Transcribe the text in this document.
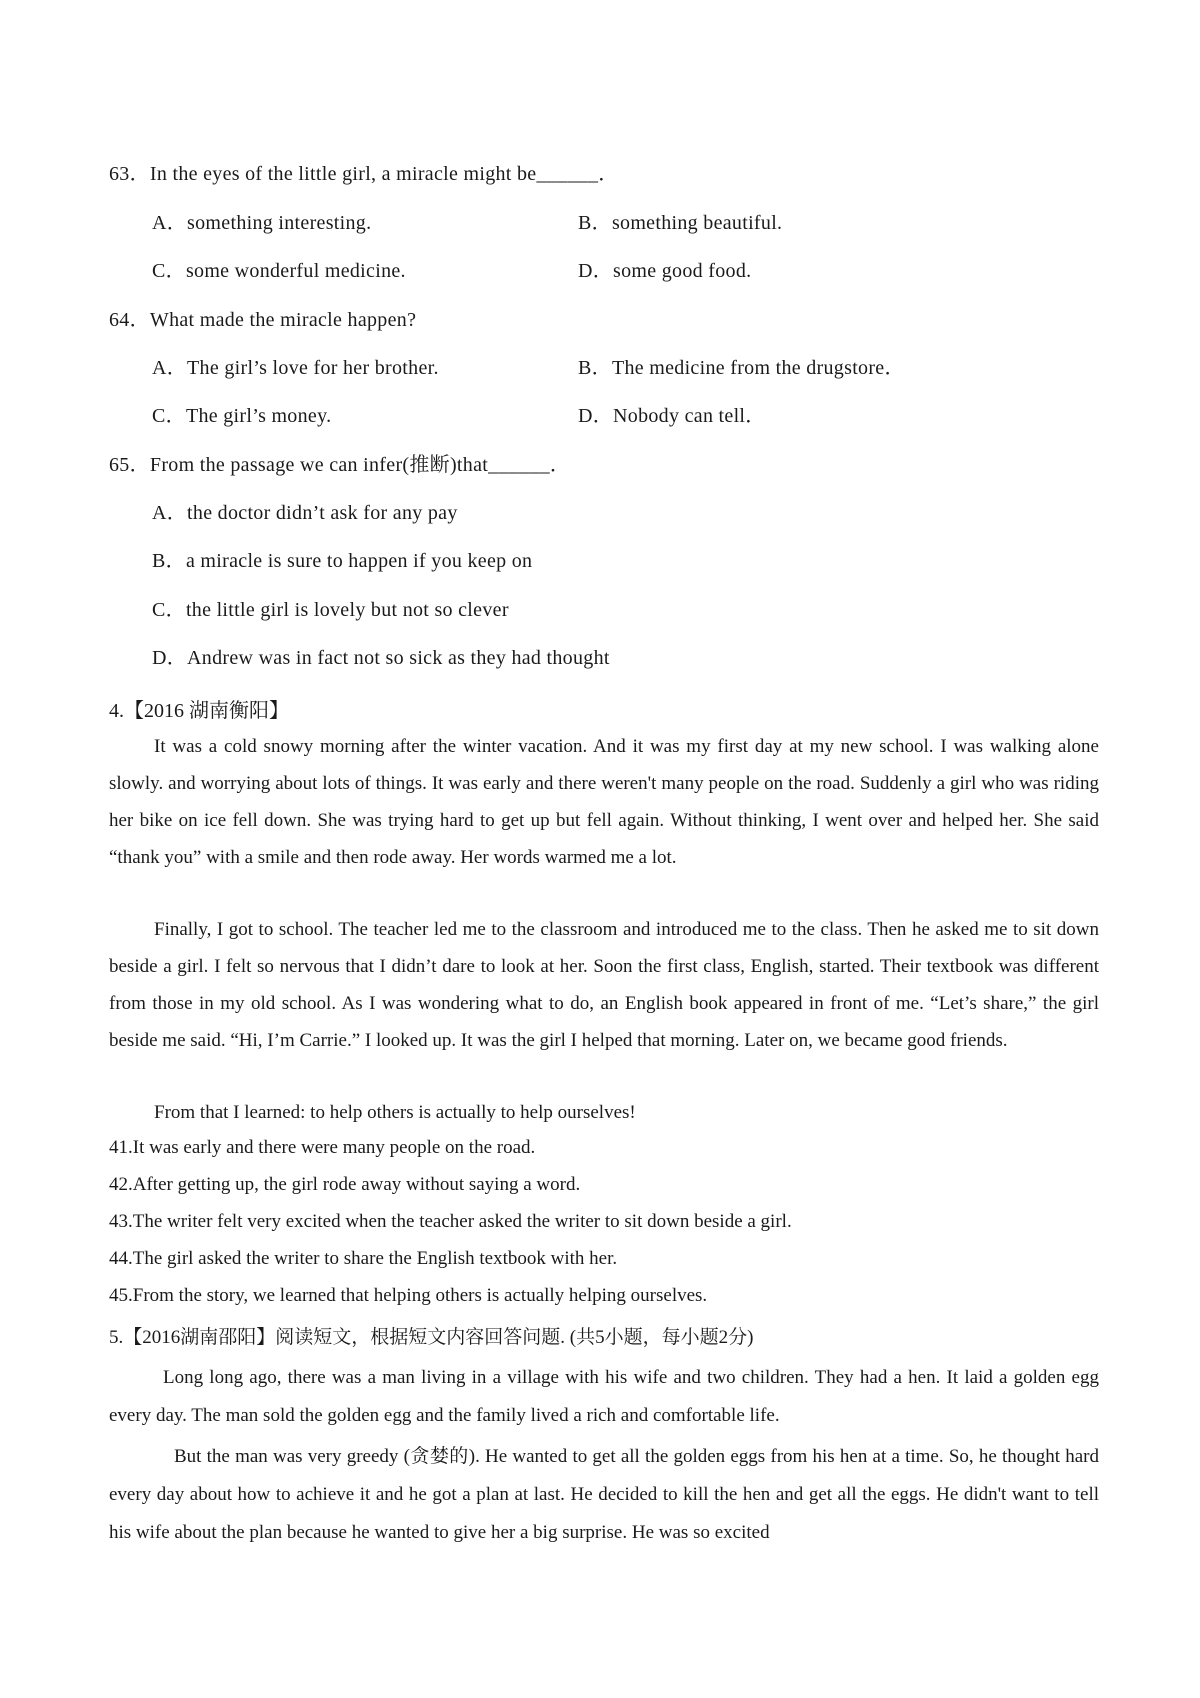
63．In the eyes of the little girl, a miracle might be______．
A．something interesting.	B．something beautiful.
C．some wonderful medicine.	D．some good food.
64．What made the miracle happen?
A．The girl’s love for her brother.	B．The medicine from the drugstore．
C．The girl’s money.	D．Nobody can tell．
65．From the passage we can infer(推断)that______．
A．the doctor didn’t ask for any pay
B．a miracle is sure to happen if you keep on
C．the little girl is lovely but not so clever
D．Andrew was in fact not so sick as they had thought
4.【2016 湖南衡阳】
It was a cold snowy morning after the winter vacation. And it was my first day at my new school. I was walking alone slowly. and worrying about lots of things. It was early and there weren't many people on the road. Suddenly a girl who was riding her bike on ice fell down. She was trying hard to get up but fell again. Without thinking, I went over and helped her. She said “thank you” with a smile and then rode away. Her words warmed me a lot.
Finally, I got to school. The teacher led me to the classroom and introduced me to the class. Then he asked me to sit down beside a girl. I felt so nervous that I didn’t dare to look at her. Soon the first class, English, started. Their textbook was different from those in my old school. As I was wondering what to do, an English book appeared in front of me. “Let’s share,” the girl beside me said. “Hi, I’m Carrie.” I looked up. It was the girl I helped that morning. Later on, we became good friends.
From that I learned: to help others is actually to help ourselves!
41.It was early and there were many people on the road.
42.After getting up, the girl rode away without saying a word.
43.The writer felt very excited when the teacher asked the writer to sit down beside a girl.
44.The girl asked the writer to share the English textbook with her.
45.From the story, we learned that helping others is actually helping ourselves.
5.【2016湖南邵阳】阅读短文，根据短文内容回答问题. (共5小题，每小题2分)
Long long ago, there was a man living in a village with his wife and two children. They had a hen. It laid a golden egg every day. The man sold the golden egg and the family lived a rich and comfortable life.
But the man was very greedy (贪婪的). He wanted to get all the golden eggs from his hen at a time. So, he thought hard every day about how to achieve it and he got a plan at last. He decided to kill the hen and get all the eggs. He didn't want to tell his wife about the plan because he wanted to give her a big surprise. He was so excited
